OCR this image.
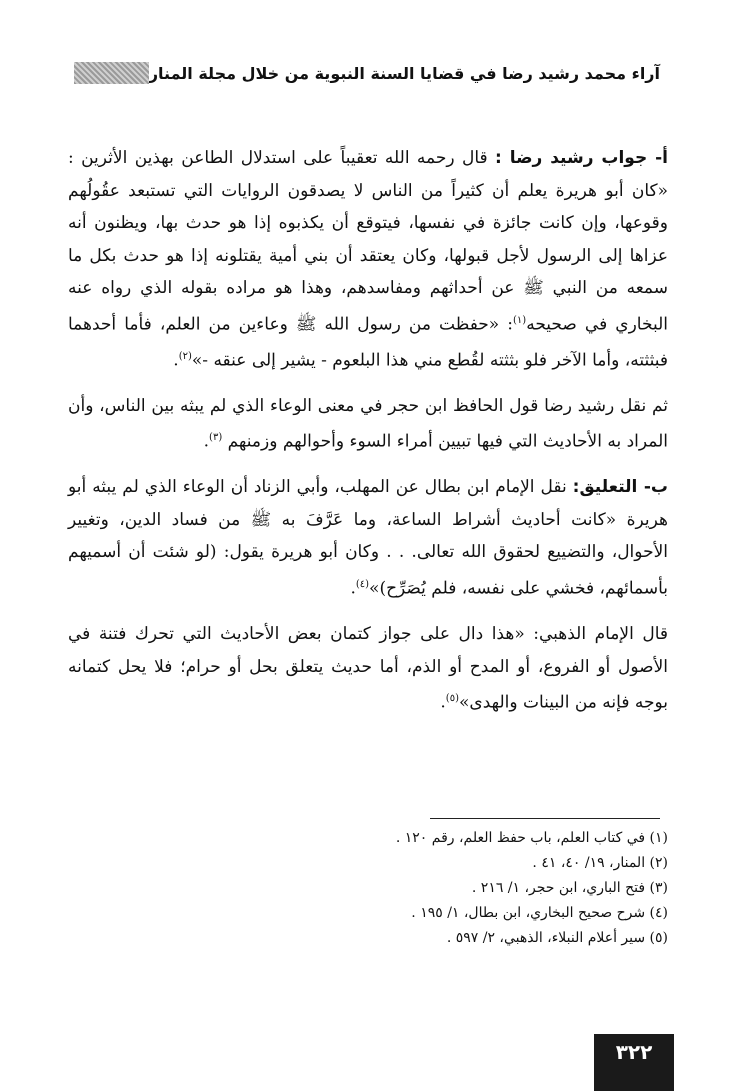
آراء محمد رشيد رضا في قضايا السنة النبوية من خلال مجلة المنار

أ- جواب رشيد رضا : قال رحمه الله تعقيباً على استدلال الطاعن بهذين الأثرين : «كان أبو هريرة يعلم أن كثيراً من الناس لا يصدقون الروايات التي تستبعد عقُولُهم وقوعها، وإن كانت جائزة في نفسها، فيتوقع أن يكذبوه إذا هو حدث بها، ويظنون أنه عزاها إلى الرسول لأجل قبولها، وكان يعتقد أن بني أمية يقتلونه إذا هو حدث بكل ما سمعه من النبي ﷺ عن أحداثهم ومفاسدهم، وهذا هو مراده بقوله الذي رواه عنه البخاري في صحيحه$^{(١)}$: «حفظت من رسول الله ﷺ وعاءين من العلم، فأما أحدهما فبثثته، وأما الآخر فلو بثثته لقُطع مني هذا البلعوم - يشير إلى عنقه -»$^{(٢)}$.

ثم نقل رشيد رضا قول الحافظ ابن حجر في معنى الوعاء الذي لم يبثه بين الناس، وأن المراد به الأحاديث التي فيها تبيين أمراء السوء وأحوالهم وزمنهم $^{(٣)}$.

ب- التعليق: نقل الإمام ابن بطال عن المهلب، وأبي الزناد أن الوعاء الذي لم يبثه أبو هريرة «كانت أحاديث أشراط الساعة، وما عَرَّفَ به ﷺ من فساد الدين، وتغيير الأحوال، والتضييع لحقوق الله تعالى. . . وكان أبو هريرة يقول: (لو شئت أن أسميهم بأسمائهم، فخشي على نفسه، فلم يُصَرِّح)»$^{(٤)}$.

قال الإمام الذهبي: «هذا دال على جواز كتمان بعض الأحاديث التي تحرك فتنة في الأصول أو الفروع، أو المدح أو الذم، أما حديث يتعلق بحل أو حرام؛ فلا يحل كتمانه بوجه فإنه من البينات والهدى»$^{(٥)}$.

(١) في كتاب العلم، باب حفظ العلم، رقم ١٢٠ .

(٢) المنار، ١٩/ ٤٠، ٤١ .

(٣) فتح الباري، ابن حجر، ١/ ٢١٦ .

(٤) شرح صحيح البخاري، ابن بطال، ١/ ١٩٥ .

(٥) سير أعلام النبلاء، الذهبي، ٢/ ٥٩٧ .

٣٢٢
